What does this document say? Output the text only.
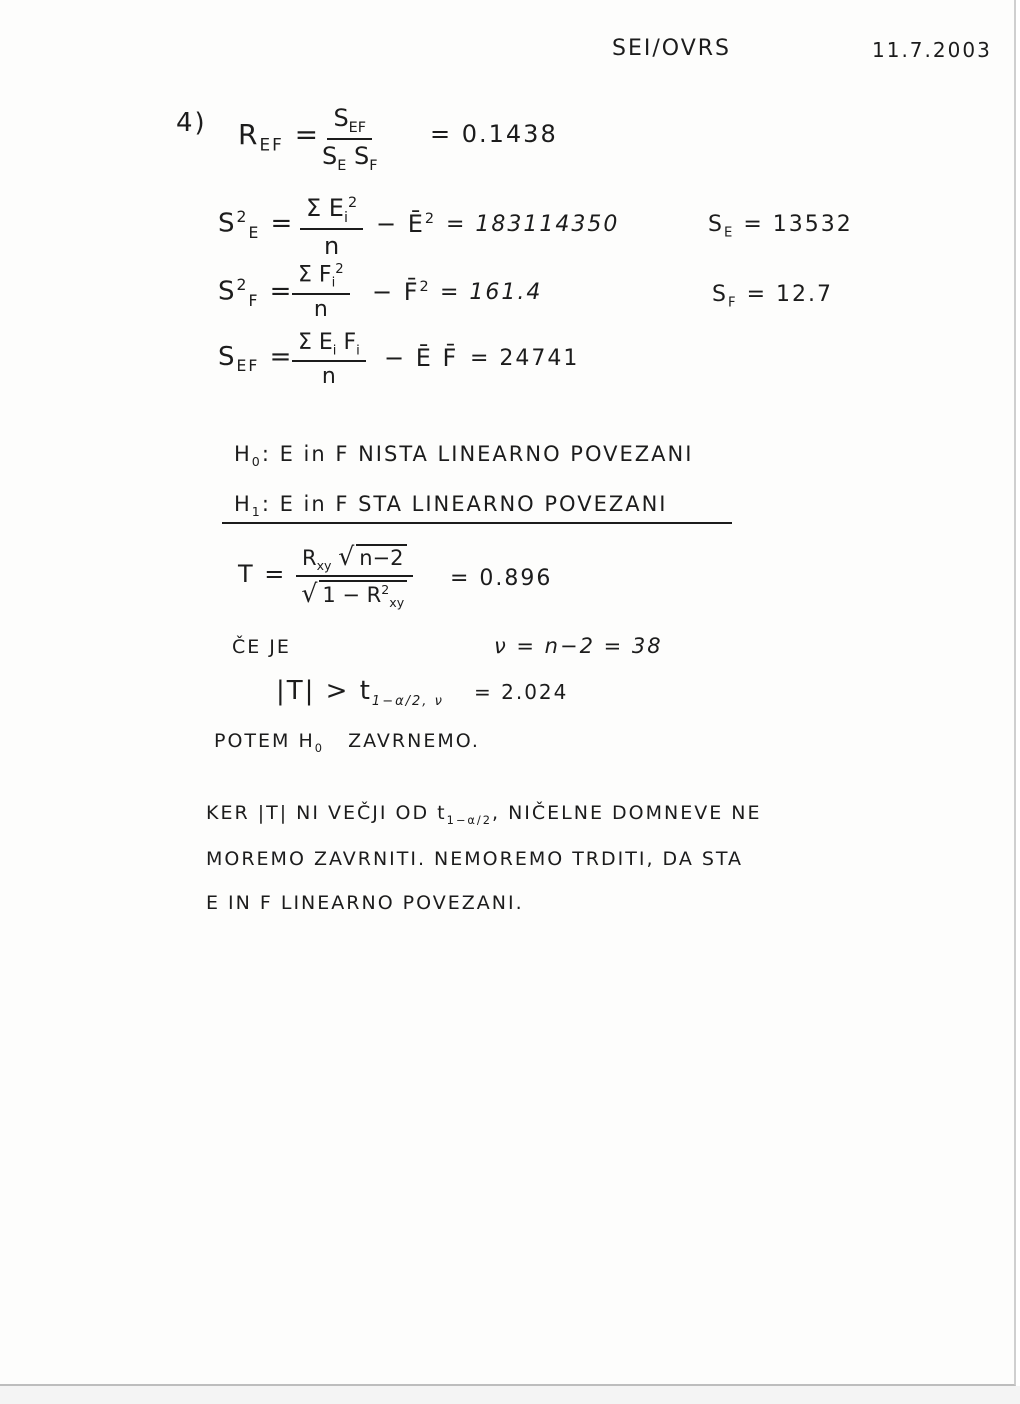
SEI/OVRS	11.7.2003
4) $R_{EF} = S_{EF}$
$S_E$ $S_F$
= 0.1438
$S^2_E = \frac{\Sigma E_i^2}{n}$ − $Ē^2 = 183114350$	$S_E = 13532$
$S^2_F$ =
$\frac{\Sigma F_i^2}{n}$ − F̄$^2$ = 161.4	$S_F = 12.7$
$S_{EF}$ =
$\frac{\Sigma E_i F_i}{n}$ − Ē F̄ = 24741
$H_0$: E in F NISTA LINEARNO POVEZANI
$H_1$: E in F STA LINEARNO POVEZANI
T =
$R_{xy}$ √ n−2
√ $1 - R^2_{xy}$
= 0.896
ČE JE	ν = n−2 = 38
$|T| > t_{1-\alpha/2, \nu} = 2.024$
POTEM $H_0$ ZAVRNEMO.
KER |T| NI VEČJI OD $t_{1-\alpha/2}$, NIČELNE DOMNEVE NE
MOREMO ZAVRNITI. NEMOREMO TRDITI, DA STA
E IN F LINEARNO POVEZANI.
